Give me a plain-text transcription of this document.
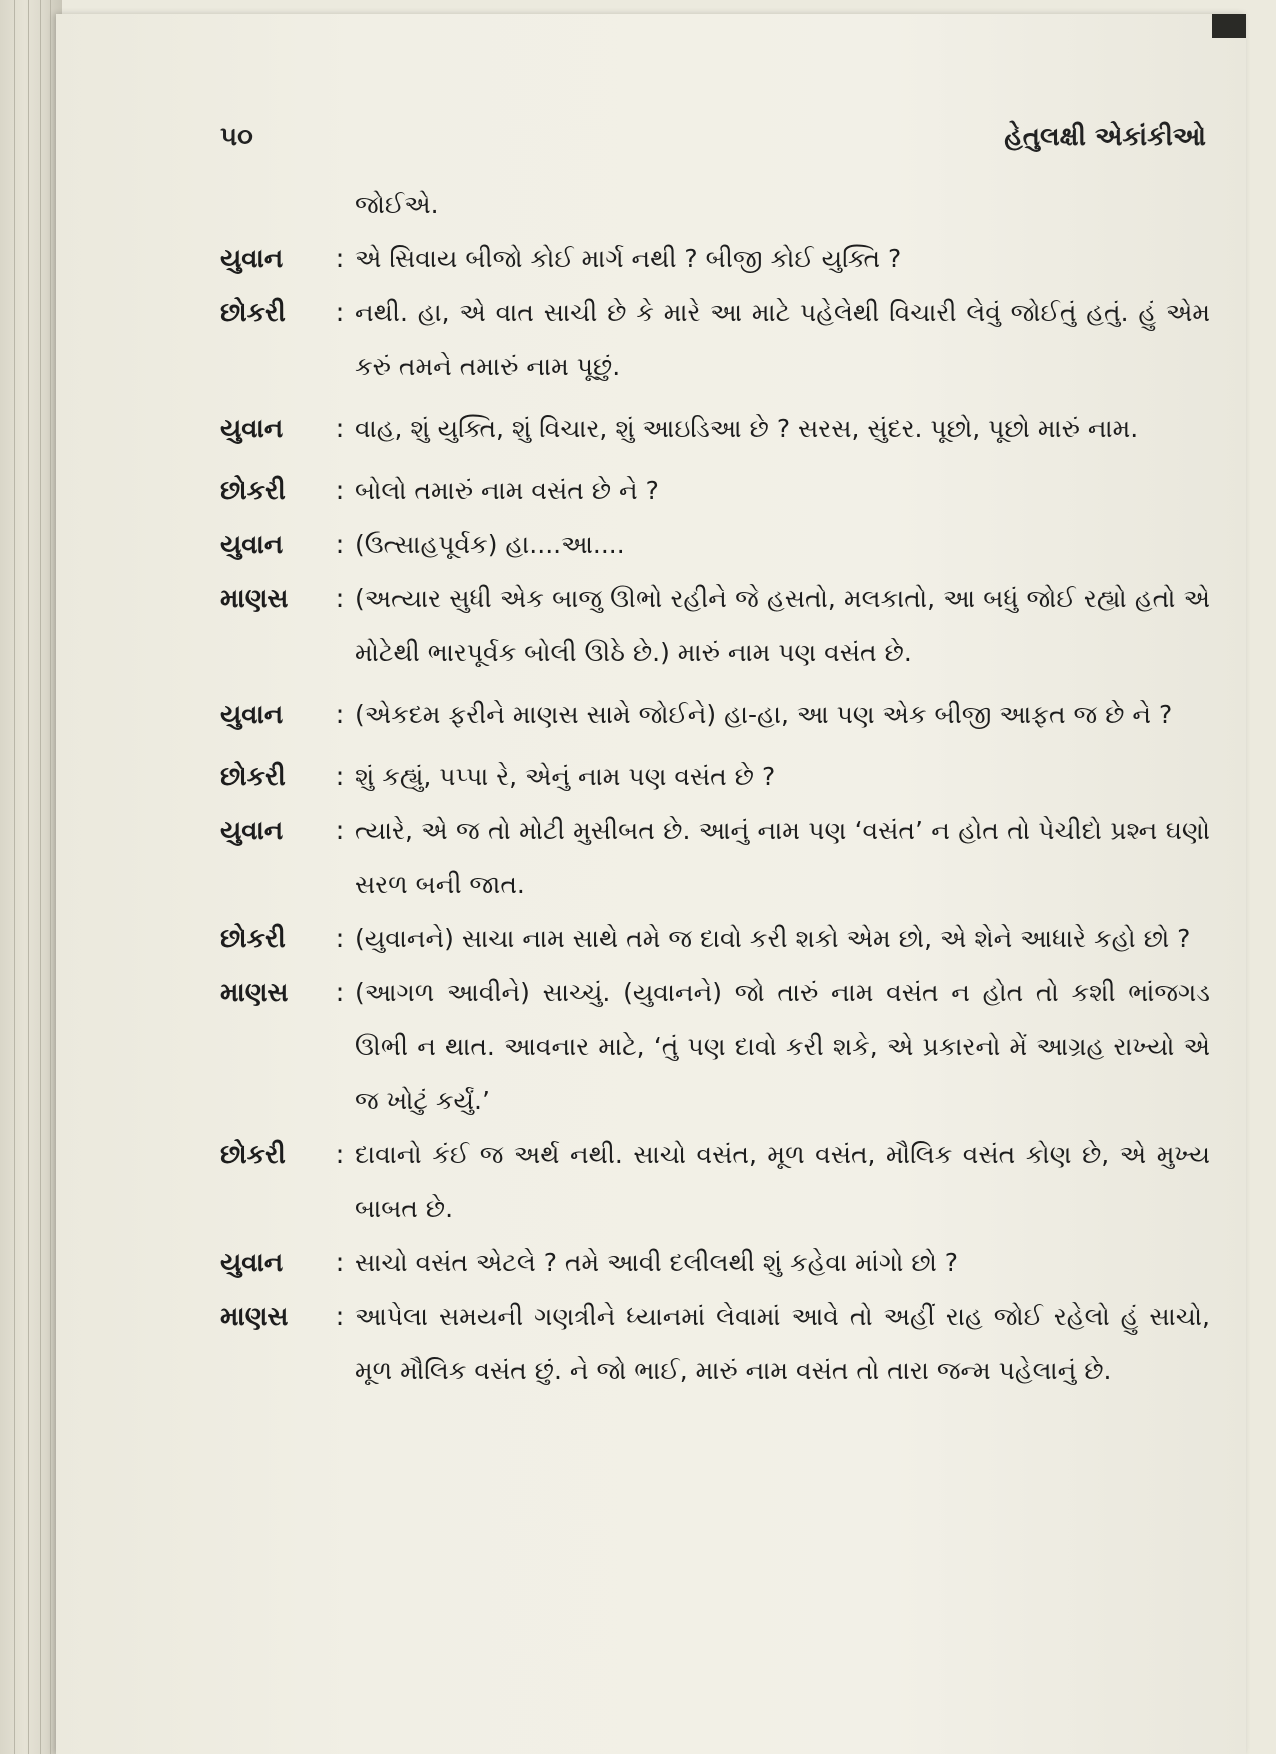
૫૦	હેતુલક્ષી એકાંકીઓ
જોઈએ.
યુવાન	: એ સિવાય બીજો કોઈ માર્ગ નથી ? બીજી કોઈ યુક્તિ ?
છોકરી	: નથી. હા, એ વાત સાચી છે કે મારે આ માટે પહેલેથી વિચારી લેવું જોઈતું હતું. હું એમ કરું તમને તમારું નામ પૂછું.
યુવાન	: વાહ, શું યુક્તિ, શું વિચાર, શું આઇડિઆ છે ? સરસ, સુંદર. પૂછો, પૂછો મારું નામ.
છોકરી	: બોલો તમારું નામ વસંત છે ને ?
યુવાન	: (ઉત્સાહપૂર્વક) હા....આ....
માણસ	: (અત્યાર સુધી એક બાજુ ઊભો રહીને જે હસતો, મલકાતો, આ બધું જોઈ રહ્યો હતો એ મોટેથી ભારપૂર્વક બોલી ઊઠે છે.) મારું નામ પણ વસંત છે.
યુવાન	: (એકદમ ફરીને માણસ સામે જોઈને) હા-હા, આ પણ એક બીજી આફત જ છે ને ?
છોકરી	: શું કહ્યું, પપ્પા રે, એનું નામ પણ વસંત છે ?
યુવાન	: ત્યારે, એ જ તો મોટી મુસીબત છે. આનું નામ પણ ‘વસંત’ ન હોત તો પેચીદો પ્રશ્ન ઘણો સરળ બની જાત.
છોકરી	: (યુવાનને) સાચા નામ સાથે તમે જ દાવો કરી શકો એમ છો, એ શેને આધારે કહો છો ?
માણસ	: (આગળ આવીને) સાચ્ચું. (યુવાનને) જો તારું નામ વસંત ન હોત તો કશી ભાંજગડ ઊભી ન થાત. આવનાર માટે, ‘તું પણ દાવો કરી શકે, એ પ્રકારનો મેં આગ્રહ રાખ્યો એ જ ખોટું કર્યું.’
છોકરી	: દાવાનો કંઈ જ અર્થ નથી. સાચો વસંત, મૂળ વસંત, મૌલિક વસંત કોણ છે, એ મુખ્ય બાબત છે.
યુવાન	: સાચો વસંત એટલે ? તમે આવી દલીલથી શું કહેવા માંગો છો ?
માણસ	: આપેલા સમયની ગણત્રીને ધ્યાનમાં લેવામાં આવે તો અહીં રાહ જોઈ રહેલો હું સાચો, મૂળ મૌલિક વસંત છું. ને જો ભાઈ, મારું નામ વસંત તો તારા જન્મ પહેલાનું છે.
